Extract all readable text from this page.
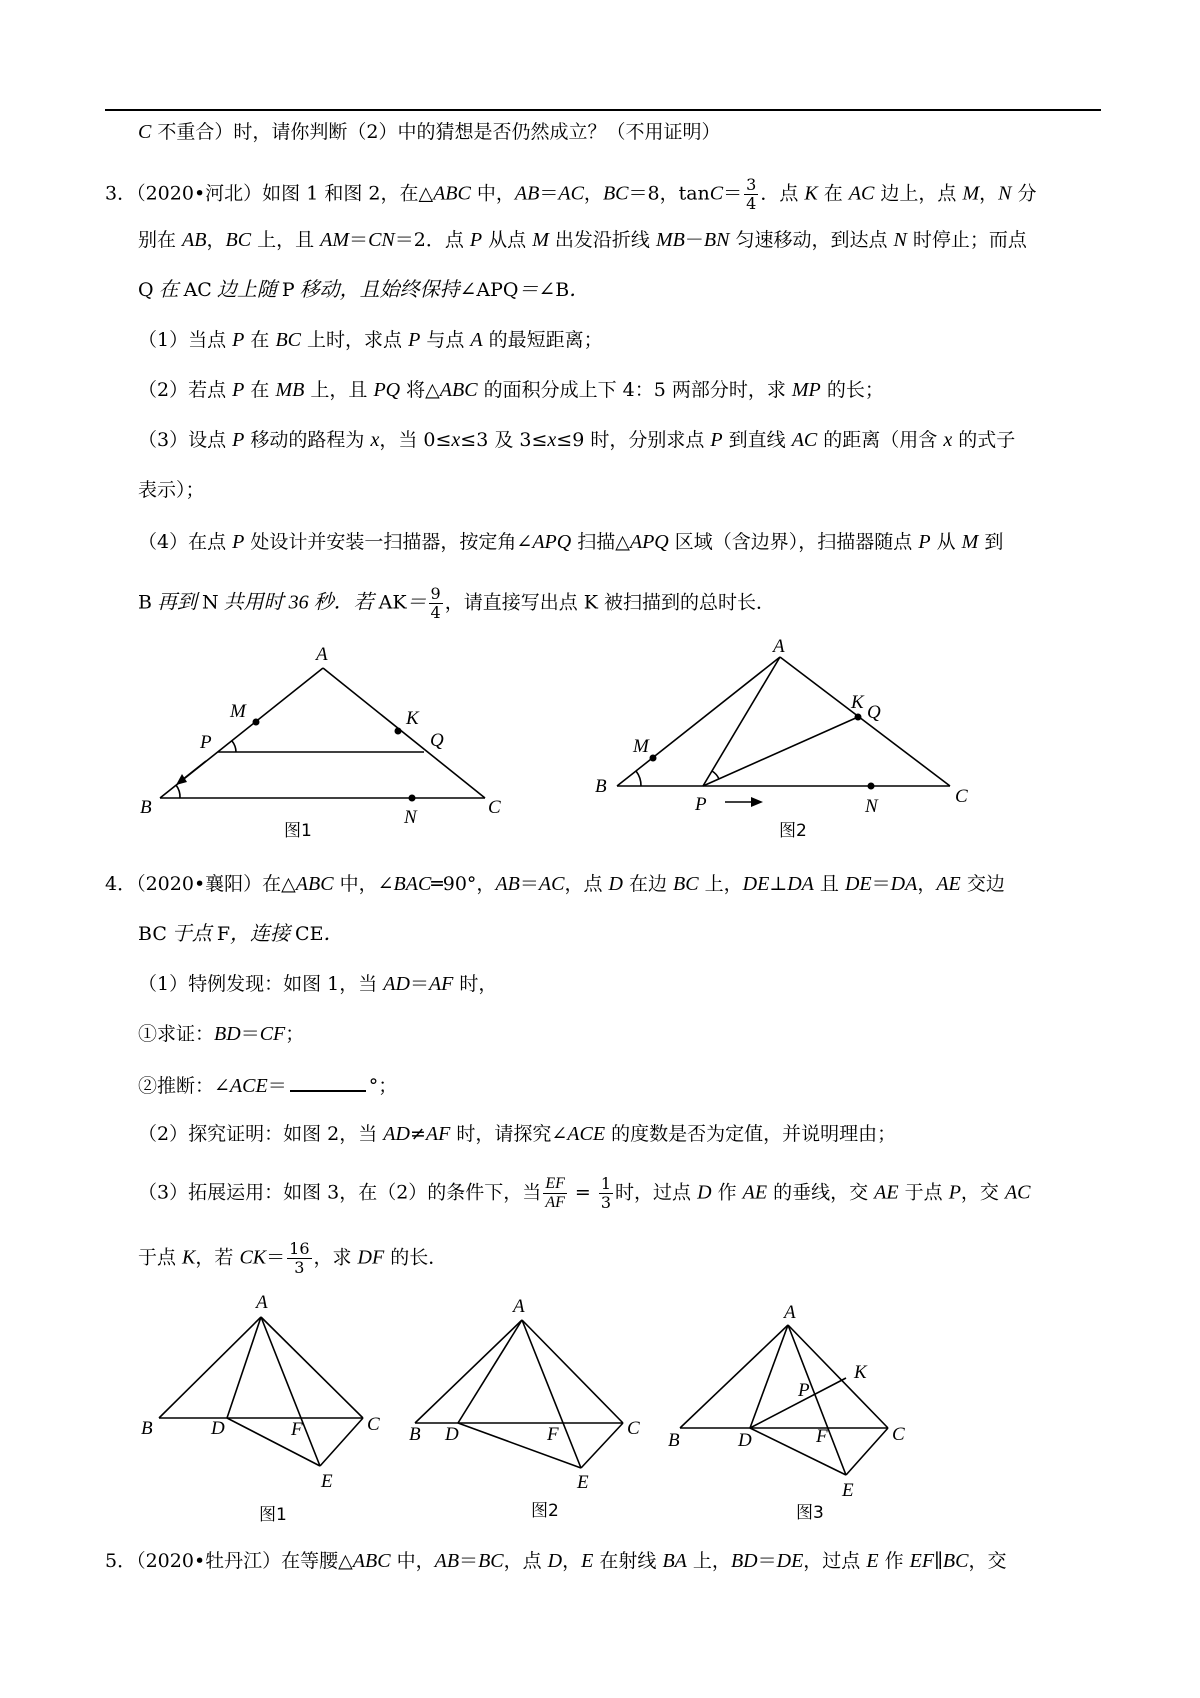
C 不重合）时，请你判断（2）中的猜想是否仍然成立？（不用证明）
3．（2020•河北）如图 1 和图 2，在△ABC 中，AB＝AC，BC＝8，$\tan C= \frac{3}{4}$ ．点 K 在 AC 边上，点 M，N 分
别在 AB，BC 上，且 AM＝CN＝2．点 P 从点 M 出发沿折线 MB－BN 匀速移动，到达点 N 时停止；而点
Q 在 AC 边上随 P 移动，且始终保持∠APQ＝∠B．
（1）当点 P 在 BC 上时，求点 P 与点 A 的最短距离；
（2）若点 P 在 MB 上，且 PQ 将△ABC 的面积分成上下 4：5 两部分时，求 MP 的长；
（3）设点 P 移动的路程为 x，当 0≤x≤3 及 3≤x≤9 时，分别求点 P 到直线 AC 的距离（用含 x 的式子
表示）；
（4）在点 P 处设计并安装一扫描器，按定角∠APQ 扫描△APQ 区域（含边界），扫描器随点 P 从 M 到
B 再到 N 共用时 36 秒．若 $AK= \frac{9}{4}$ ，请直接写出点 K 被扫描到的总时长．
A
B	C
M	K
P	Q
N
图1
A
B	C
M
K Q
P	N
图2
4．（2020•襄阳）在△ABC 中，∠BAC═90°，AB＝AC，点 D 在边 BC 上，DE⊥DA 且 DE＝DA，AE 交边
BC 于点 F，连接 CE．
（1）特例发现：如图 1，当 AD＝AF 时，
①求证：BD＝CF；
②推断：∠ACE＝	°；
（2）探究证明：如图 2，当 AD≠AF 时，请探究∠ACE 的度数是否为定值，并说明理由；
（3）拓展运用：如图 3，在（2）的条件下，当 $\frac{EF}{AF} = \frac{1}{3}$ 时，过点 D 作 AE 的垂线，交 AE 于点 P，交 AC
于点 K，若 $CK= \frac{16}{3}$ ，求 DF 的长．
A
B	C
D	F
E
图1
A
B	C
D	F
E
图2
A
B	C
D	F
E
P
K
图3
5．（2020•牡丹江）在等腰△ABC 中，AB＝BC，点 D，E 在射线 BA 上，BD＝DE，过点 E 作 EF∥BC，交
